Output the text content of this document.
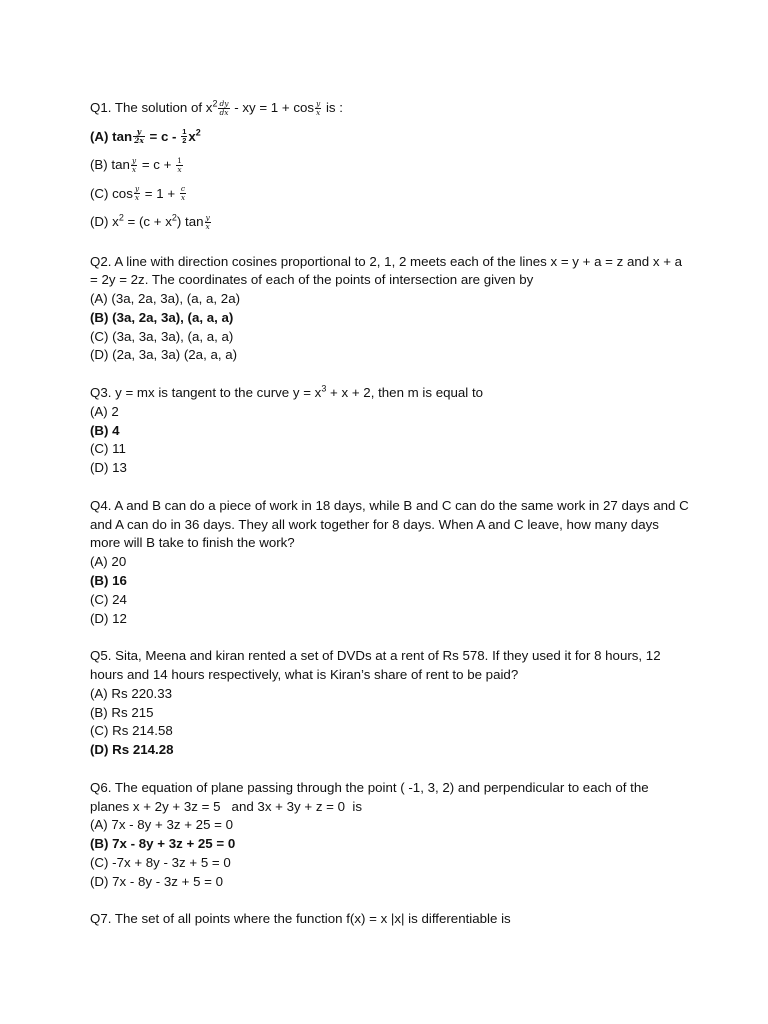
Q1. The solution of $x^2 \frac{dy}{dx}$ - xy = $1 + \cos \frac{y}{x}$ is :
(A) $\tan \frac{y}{2x} = c - \frac{1}{2} x^2$
(B) $\tan \frac{y}{x} = c + \frac{1}{x}$
(C) $\cos \frac{y}{x} = 1 + \frac{c}{x}$
(D) $x^2 = (c + x^2)$ $\tan \frac{y}{x}$
Q2. A line with direction cosines proportional to 2, 1, 2 meets each of the lines x = y + a = z and x + a = 2y = 2z. The coordinates of each of the points of intersection are given by
(A) (3a, 2a, 3a), (a, a, 2a)
(B) (3a, 2a, 3a), (a, a, a)
(C) (3a, 3a, 3a), (a, a, a)
(D) (2a, 3a, 3a) (2a, a, a)
Q3. y = mx is tangent to the curve $y = x^3 + x + 2$, then m is equal to
(A) 2
(B) 4
(C) 11
(D) 13
Q4. A and B can do a piece of work in 18 days, while B and C can do the same work in 27 days and C and A can do in 36 days. They all work together for 8 days. When A and C leave, how many days more will B take to finish the work?
(A) 20
(B) 16
(C) 24
(D) 12
Q5. Sita, Meena and kiran rented a set of DVDs at a rent of Rs 578. If they used it for 8 hours, 12 hours and 14 hours respectively, what is Kiran’s share of rent to be paid?
(A) Rs 220.33
(B) Rs 215
(C) Rs 214.58
(D) Rs 214.28
Q6. The equation of plane passing through the point ( -1, 3, 2) and perpendicular to each of the planes x + 2y + 3z = 5   and 3x + 3y + z = 0  is
(A) 7x - 8y + 3z + 25 = 0
(B) 7x - 8y + 3z + 25 = 0
(C) -7x + 8y - 3z + 5 = 0
(D) 7x - 8y - 3z + 5 = 0
Q7. The set of all points where the function f(x) = x |x| is differentiable is
